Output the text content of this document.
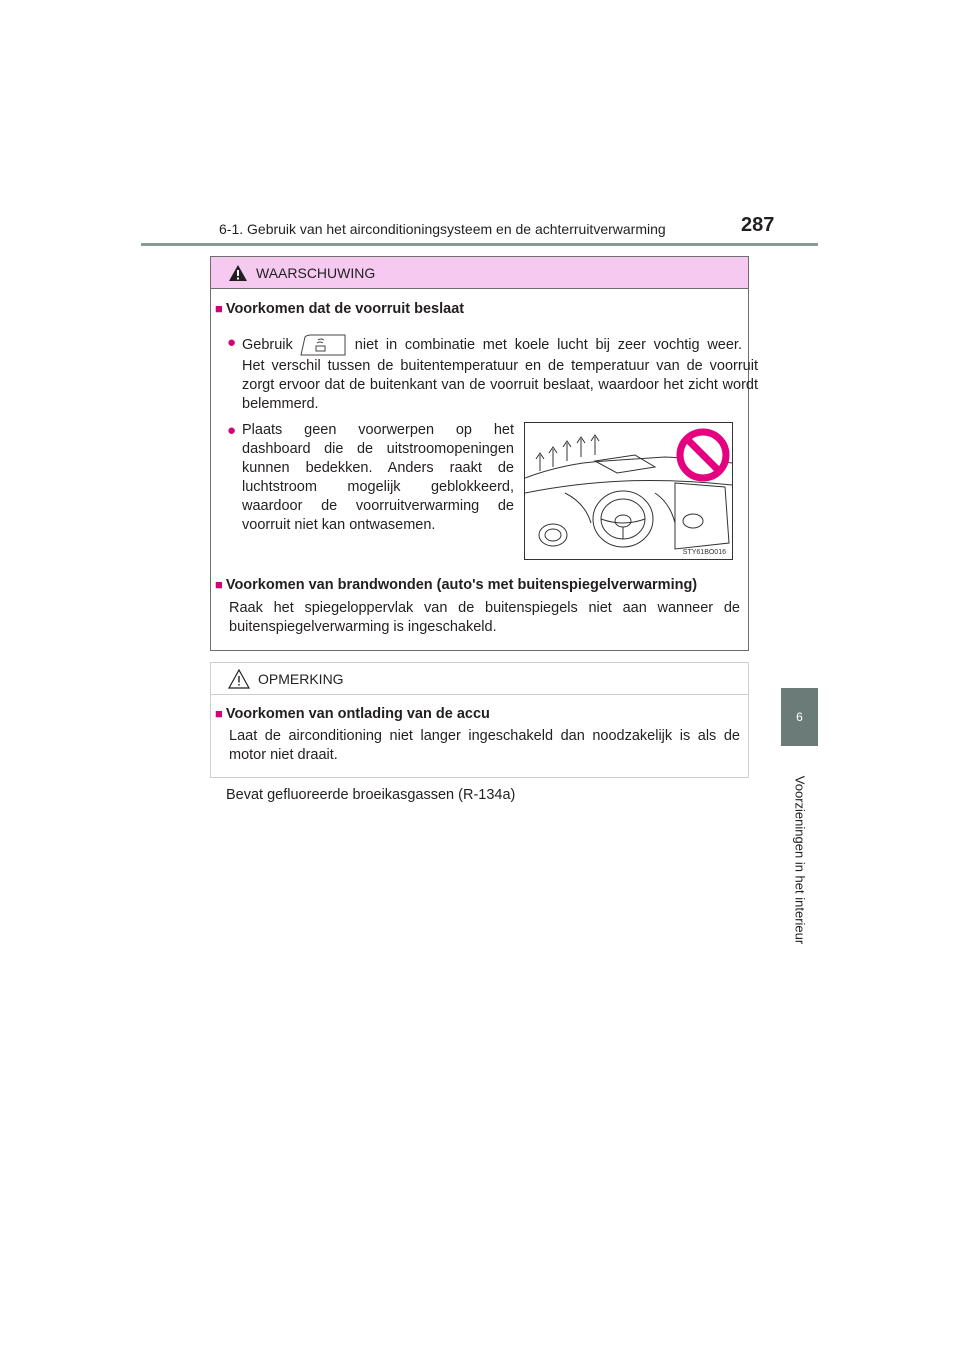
6-1. Gebruik van het airconditioningsysteem en de achterruitverwarming	287
6
Voorzieningen in het interieur
WAARSCHUWING
■ Voorkomen dat de voorruit beslaat
● Gebruik	niet in combinatie met koele lucht bij zeer vochtig weer.
Het verschil tussen de buitentemperatuur en de temperatuur van de voorruit zorgt ervoor dat de buitenkant van de voorruit beslaat, waardoor het zicht wordt belemmerd.
● Plaats geen voorwerpen op het dashboard die de uitstroomopeningen kunnen bedekken. Anders raakt de luchtstroom mogelijk geblokkeerd, waardoor de voorruitverwarming de voorruit niet kan ontwasemen.
■ Voorkomen van brandwonden (auto's met buitenspiegelverwarming)
Raak het spiegeloppervlak van de buitenspiegels niet aan wanneer de buitenspiegelverwarming is ingeschakeld.
STY61BO016
OPMERKING
■ Voorkomen van ontlading van de accu
Laat de airconditioning niet langer ingeschakeld dan noodzakelijk is als de motor niet draait.
Bevat gefluoreerde broeikasgassen (R-134a)
